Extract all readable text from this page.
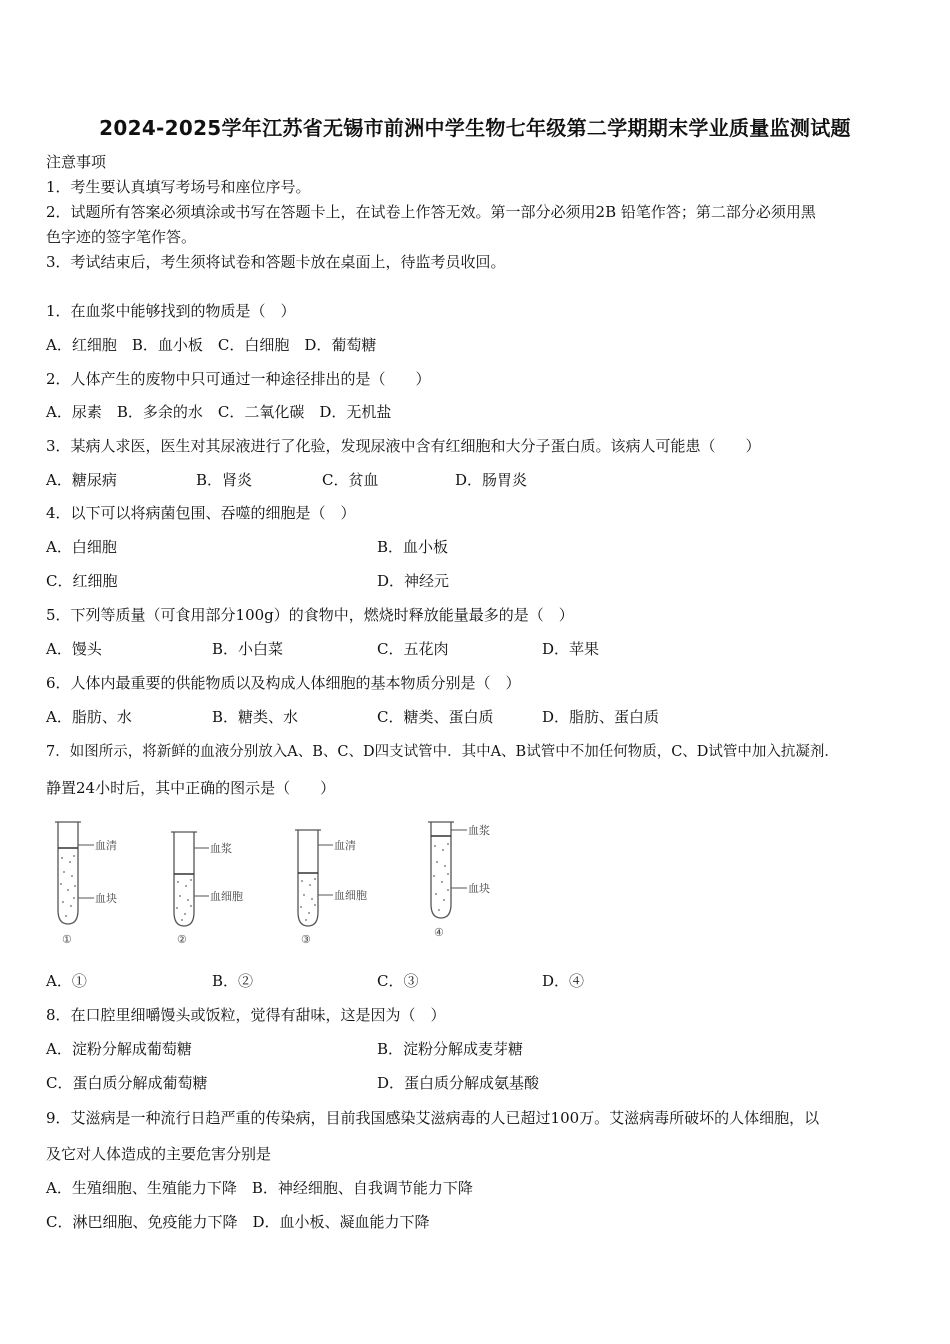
2024-2025学年江苏省无锡市前洲中学生物七年级第二学期期末学业质量监测试题
注意事项
1．考生要认真填写考场号和座位序号。
2．试题所有答案必须填涂或书写在答题卡上，在试卷上作答无效。第一部分必须用2B 铅笔作答；第二部分必须用黑
色字迹的签字笔作答。
3．考试结束后，考生须将试卷和答题卡放在桌面上，待监考员收回。
1．在血浆中能够找到的物质是（　）
A．红细胞　B．血小板　C．白细胞　D．葡萄糖
2．人体产生的废物中只可通过一种途径排出的是（　　）
A．尿素　B．多余的水　C．二氧化碳　D．无机盐
3．某病人求医，医生对其尿液进行了化验，发现尿液中含有红细胞和大分子蛋白质。该病人可能患（　　）
A．糖尿病	B．肾炎	C．贫血	D．肠胃炎
4．以下可以将病菌包围、吞噬的细胞是（　）
A．白细胞	B．血小板
C．红细胞	D．神经元
5．下列等质量（可食用部分100g）的食物中，燃烧时释放能量最多的是（　）
A．馒头	B．小白菜	C．五花肉	D．苹果
6．人体内最重要的供能物质以及构成人体细胞的基本物质分别是（　）
A．脂肪、水	B．糖类、水	C．糖类、蛋白质	D．脂肪、蛋白质
7．如图所示，将新鲜的血液分别放入A、B、C、D四支试管中．其中A、B试管中不加任何物质，C、D试管中加入抗凝剂．
静置24小时后，其中正确的图示是（　　）
血清
血块
①
血浆
血细胞
②
血清
血细胞
③
血浆
血块
④
A．①	B．②	C．③	D．④
8．在口腔里细嚼馒头或饭粒，觉得有甜味，这是因为（　）
A．淀粉分解成葡萄糖	B．淀粉分解成麦芽糖
C．蛋白质分解成葡萄糖	D．蛋白质分解成氨基酸
9．艾滋病是一种流行日趋严重的传染病，目前我国感染艾滋病毒的人已超过100万。艾滋病毒所破坏的人体细胞，以
及它对人体造成的主要危害分别是
A．生殖细胞、生殖能力下降　B．神经细胞、自我调节能力下降
C．淋巴细胞、免疫能力下降　D．血小板、凝血能力下降
